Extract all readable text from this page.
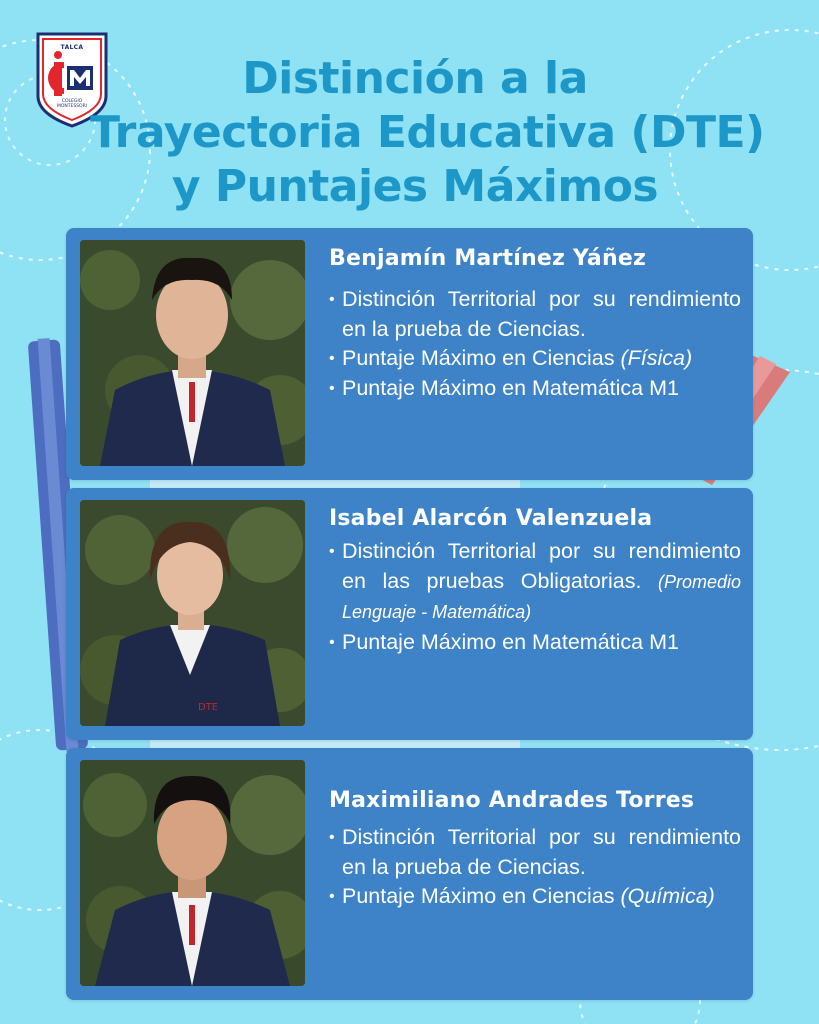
TALCA
COLEGIO
MONTESSORI
Distinción a la
Trayectoria Educativa (DTE)
y Puntajes Máximos
Benjamín Martínez Yáñez
• Distinción Territorial por su rendimiento en la prueba de Ciencias.
• Puntaje Máximo en Ciencias (Física)
• Puntaje Máximo en Matemática M1
DTE
Isabel Alarcón Valenzuela
• Distinción Territorial por su rendimiento en las pruebas Obligatorias. (Promedio Lenguaje - Matemática)
• Puntaje Máximo en Matemática M1
Maximiliano Andrades Torres
• Distinción Territorial por su rendimiento en la prueba de Ciencias.
• Puntaje Máximo en Ciencias (Química)
